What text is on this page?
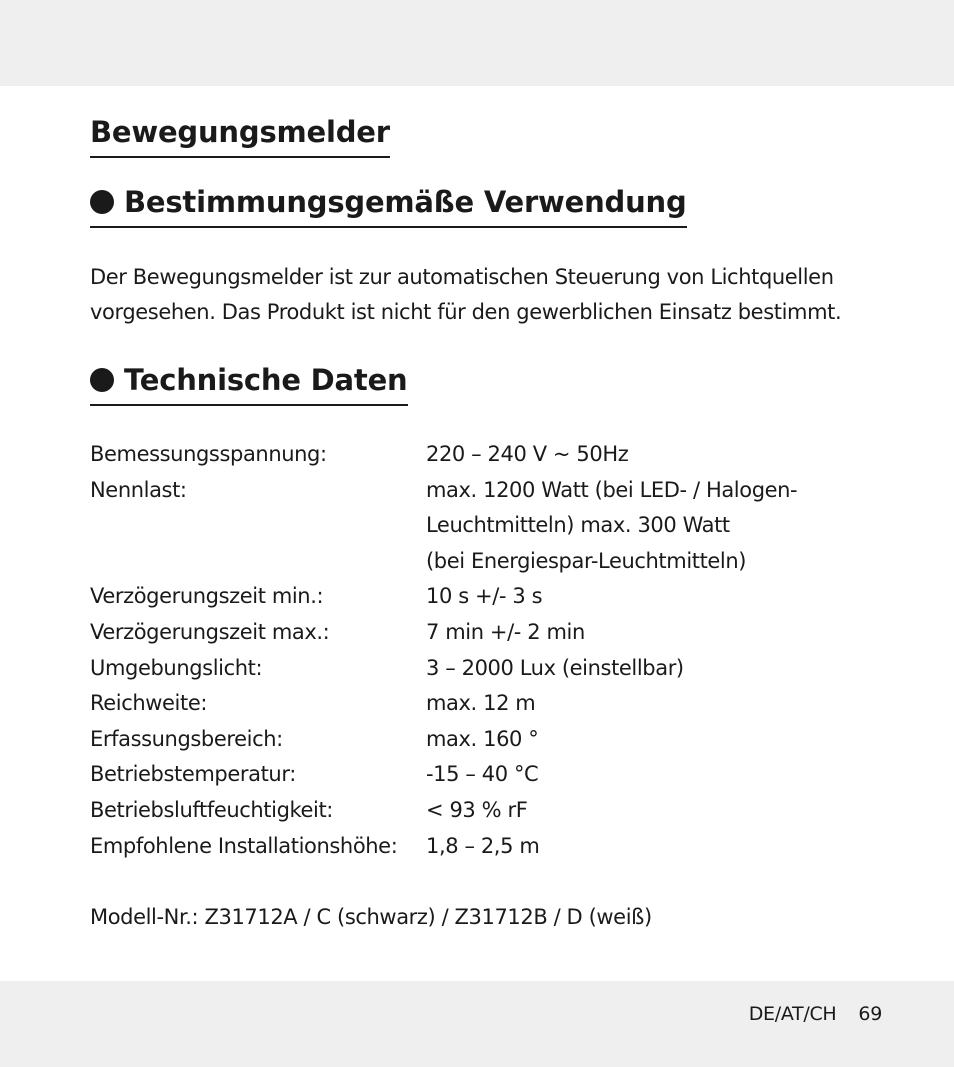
Bewegungsmelder
Bestimmungsgemäße Verwendung
Der Bewegungsmelder ist zur automatischen Steuerung von Lichtquellen vorgesehen. Das Produkt ist nicht für den gewerblichen Einsatz bestimmt.
Technische Daten
Bemessungsspannung:	220 – 240 V ~ 50Hz
Nennlast:	max. 1200 Watt (bei LED- / Halogen-
Leuchtmitteln) max. 300 Watt
(bei Energiespar-Leuchtmitteln)
Verzögerungszeit min.:	10 s +/- 3 s
Verzögerungszeit max.:	7 min +/- 2 min
Umgebungslicht:	3 – 2000 Lux (einstellbar)
Reichweite:	max. 12 m
Erfassungsbereich:	max. 160 °
Betriebstemperatur:	-15 – 40 °C
Betriebsluftfeuchtigkeit:	< 93 % rF
Empfohlene Installationshöhe:	1,8 – 2,5 m
Modell-Nr.: Z31712A / C (schwarz) / Z31712B / D (weiß)
DE/AT/CH 69
